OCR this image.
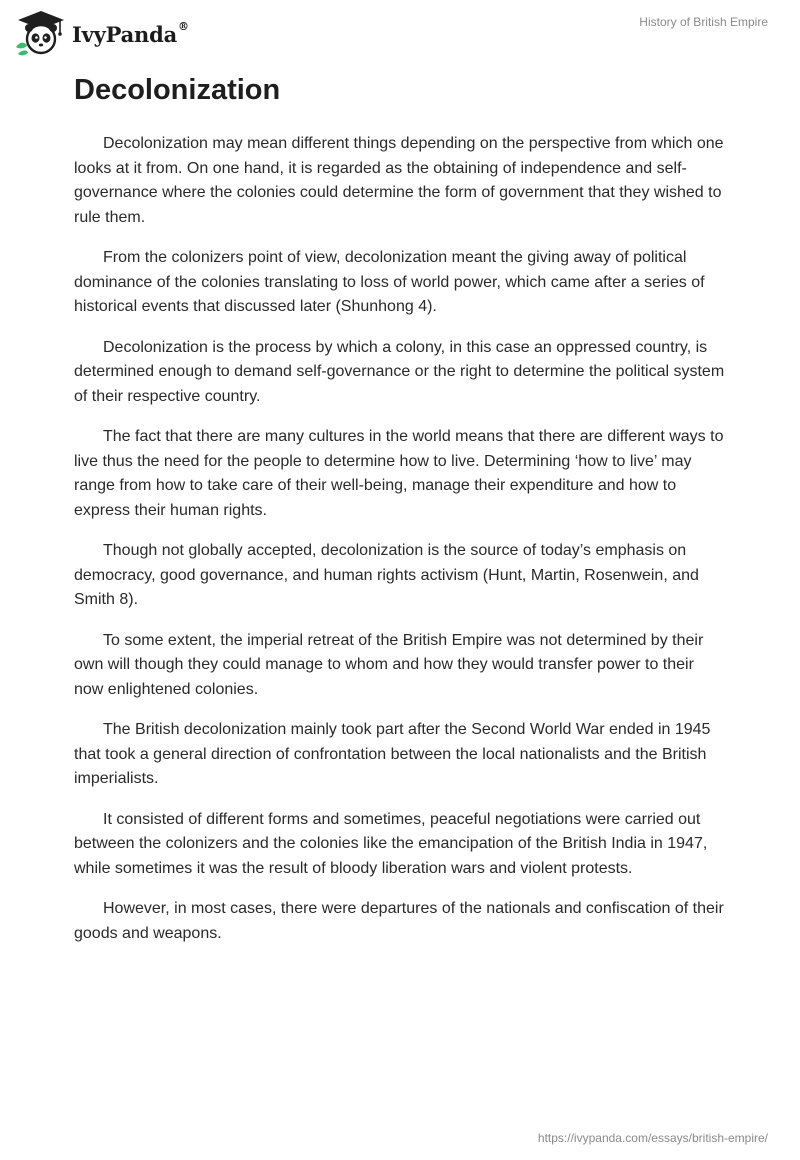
IvyPanda®	History of British Empire
Decolonization

Decolonization may mean different things depending on the perspective from which one looks at it from. On one hand, it is regarded as the obtaining of independence and self-governance where the colonies could determine the form of government that they wished to rule them.

From the colonizers point of view, decolonization meant the giving away of political dominance of the colonies translating to loss of world power, which came after a series of historical events that discussed later (Shunhong 4).

Decolonization is the process by which a colony, in this case an oppressed country, is determined enough to demand self-governance or the right to determine the political system of their respective country.

The fact that there are many cultures in the world means that there are different ways to live thus the need for the people to determine how to live. Determining ‘how to live’ may range from how to take care of their well-being, manage their expenditure and how to express their human rights.

Though not globally accepted, decolonization is the source of today’s emphasis on democracy, good governance, and human rights activism (Hunt, Martin, Rosenwein, and Smith 8).

To some extent, the imperial retreat of the British Empire was not determined by their own will though they could manage to whom and how they would transfer power to their now enlightened colonies.

The British decolonization mainly took part after the Second World War ended in 1945 that took a general direction of confrontation between the local nationalists and the British imperialists.

It consisted of different forms and sometimes, peaceful negotiations were carried out between the colonizers and the colonies like the emancipation of the British India in 1947, while sometimes it was the result of bloody liberation wars and violent protests.

However, in most cases, there were departures of the nationals and confiscation of their goods and weapons.

https://ivypanda.com/essays/british-empire/
